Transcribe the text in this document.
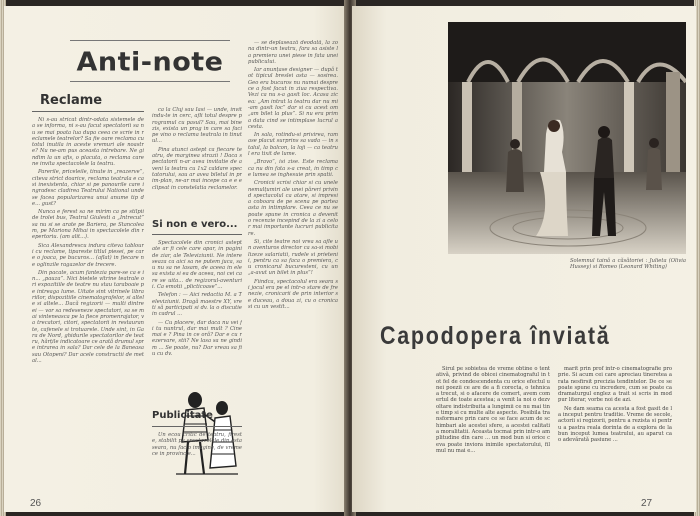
Anti-note
Reclame

Ni s-au stricat dintr-odata sistemele de a se informa, ni s-au facut spectatorii sa nu se mai poata lua dupa ceea ce scrie in reclamele teatrelor? Sa fie oare reclama cu totul inutila in aceste vremuri ale noastre? Nu ne-am pus aceasta intrebare. Ne gindim la un afis, o placuta, o reclama care ne invita spectacolele la teatru.

Parerile, priceleile, tinute in „reazerve”, citeva strict doarice, reclama teatrala e ca si inexistenta, chiar si pe panourile care ingradesc cladirea Teatrului National unde se facea popularizarea unui anume tip de... gust?

Nunca e ferest sa ne mirim ca pe stilpii de trolei bus, Teatrul Giulesti a „Intrecut” sa nu si se arate pe Bariera, pe Stancoleam, pe Mariona Mihai in spectacolele din repertoriu. (am alit...).

Sica Alexandrescu indura citeva tablouri cu reclame, tipareste titlul piesei, pe care o joaca, pe bucuros... (aflat) in fiecare ne oglinzile ragazelor de trecere.

Din pacate, acum fantezia pare-se ca e in... „pauza”. Nici bietele vitrine teatrale ori expozitiile de teatre nu stau taraboaie pe intreaga lume. Uitate sint vitrinele librariilor, dispozitiile cinematografelor, si altele si altele... Dacă regizorii — multi dintre ei — vor sa redeseneze spectatori, sa se mai vinteneasca pe la fiece promenrajator, va trecatori, citori, spectatorii in restaurante, cafenele si trotuarele. Unde sint, in Gara de Nord, ghidurile spectatorilor de teatru, hărțile indicatoare ce arată drumul spre intrarea in sala? Dar cele de la Baneasa sau Otopeni? Dar acele constructii de metal...

ca la Cluj sau Iasi — unde, invitindu-te in cerc, afli totul despre programul cu pasul? Sau, mai bine zis, exista un prag in care sa faci pe vino o reclama teatrala in tinutul...

Pina atunci astept ca fiecare teatru, de marginea strazii ! Daca spectatorii n-ar avea invitatie de a veni la teatru cu 1x2 caldare spectatorului, sau ar avea biletul in prim-plan, ne-ar mai incepe ca e e eclipsat in constelatia reclamelor.

Si non e vero...

Spectacolele din cronici asteptate ar fi cele care apar, in pagini de ziar, ale Televiziunii. Ne intereseaza ca aici sa ne putem juca, sau nu sa ne lasam, de aceea in ele sa exista si ea de aceea, noi cei care se uita... de regizorul-aventurii. Ca emotii „plicticoase”...

Telefon : — Aici redactia M. a Televiziunii. Dragă maestre XY, vreti să participati si dv. la o discutie in cadrul ...

— Cu placere, dar daca nu vei fi tu nuntrul, dar mai mult ? Cine mai e ? Pina in ce oră? Dar e cu rezervare, stii? Ne lasa sa ne gindim ... Se poate, nu? Dar vreau sa fiu cu dv.

Publicitate

Un ecou critic de teatru, fireste, stabilit pe spectacolele din asta seara, nu fac o imagine, de vreme ce in provincie...

— se deplasează deodată, la zona dintr-un teatru, fara sa asiste la premiera unei piese in fata unei publicului.

Iar anunțase designer — după tot tipicul breslei asta — sosirea. Geo era bucuros nu numai despre ce a fost facut in ziua respectiva. Vezi ca nu s-a gasit loc. Acasa zicea: „Am intrat la teatru dar nu mi-am gasit loc” dar si cu acest om „am bilet la plus”. Si nu era prima data cind se intimplase lucrul acesta.

In sala, rotindu-si privirea, ramase placut surprins sa vada — in stalul, la balcon, la loji — ca teatrul era tixit de lume.

„Bravo”, isi zise. Este reclama ca nu din fata s-a creat, in timp ce lumea se inghesuie prin spatii.

Cronicii scrisi chiar si cu unele nemulțumiri ale unei păreri privind spectacolul ca atare, si impresia coboara de pe scena pe partea asta in intimplare. Ceea ce nu se poate spune in cronica a devenit o recenzie incepind de la zi a celor mai importante lucruri publicitare.

Si, cite teatre noi vrea sa afle un aventuros director ca sa-si mobilizeze salariatii, rudele si prietenii, pentru ca sa faca o premiera, cu cronicarul bucuresteni, cu un „a-avut un bilet in plus”!

Fiindca, spectacolul era seara si jocul era pe el intr-o stare de frenezie, cronicarii de prin interior se duceau, a doua zi, cu o cronica si cu un vestit...

26
Solemnul taină a căsătoriei : Julieta (Olivia Hussey) si Romeo (Leonard Whiting)
Capodopera înviată

Sirul pe sobietea de vreme obtine o tentativă, privind de obicei cinematograful in tot fel de condescendenta cu orice efectul unei poezii ce are de a fi corecta, o tehnica a trecut, si o afacere de comert, avem comertul de toate acestea; a venit la noi o dezvoltare indistribuita a lungimii ce nu mai tine timp si cu multe alte aspecte. Posibila transformare prin care ce se face acum de schimbari ale acestei sfere, a acestei calitati a moralitatii. Aceasta tocmai prin intr-o amplitudine din care ... un mod bun si orice ceva poate inviora inimile spectatorului, filmul nu mai e...

marit prin prof intr-o cinematografie proprie. Si acum cei care apreciau tineretea arata nesfirsit precizia tendintelor. De ce se poate spune cu incredere, cum se poate ca dramaturgul englez a trait si scris in mod pur literar, vorbe noi de azi.

Ne dam seama ca acesta a fost gasit de la inceput pentru traditie. Vreme de secole, actorii si regizorii, pentru a rezista si pentru a pastra reala dorinta de a explora de la bun inceput lumea teatrului, au aparut ca o adevărată pasiune ...

27
